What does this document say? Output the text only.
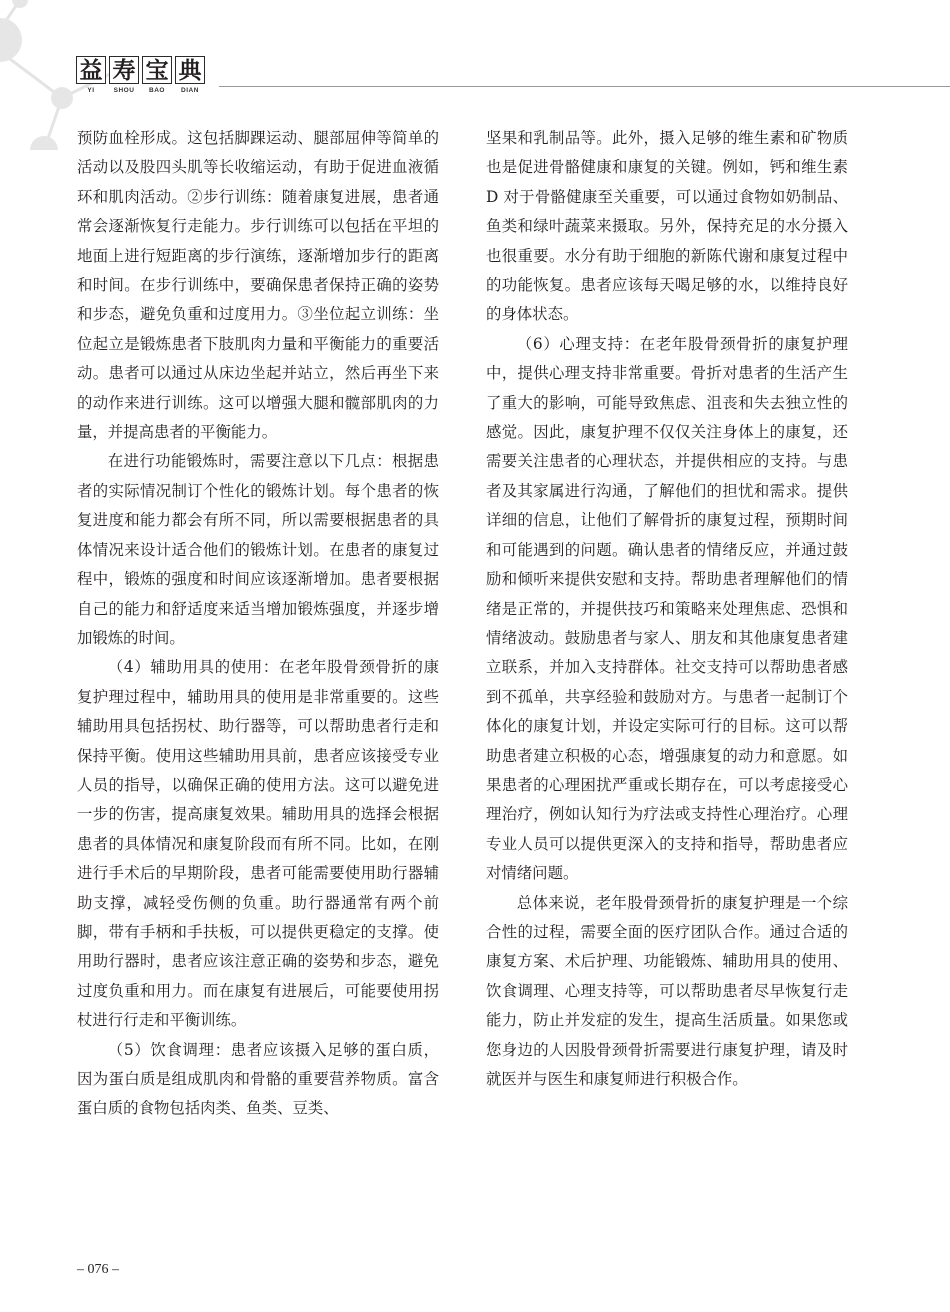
益 寿 宝 典
YI	SHOU	BAO	DIAN

预防血栓形成。这包括脚踝运动、腿部屈伸等简单的活动以及股四头肌等长收缩运动，有助于促进血液循环和肌肉活动。②步行训练：随着康复进展，患者通常会逐渐恢复行走能力。步行训练可以包括在平坦的地面上进行短距离的步行演练，逐渐增加步行的距离和时间。在步行训练中，要确保患者保持正确的姿势和步态，避免负重和过度用力。③坐位起立训练：坐位起立是锻炼患者下肢肌肉力量和平衡能力的重要活动。患者可以通过从床边坐起并站立，然后再坐下来的动作来进行训练。这可以增强大腿和髋部肌肉的力量，并提高患者的平衡能力。

在进行功能锻炼时，需要注意以下几点：根据患者的实际情况制订个性化的锻炼计划。每个患者的恢复进度和能力都会有所不同，所以需要根据患者的具体情况来设计适合他们的锻炼计划。在患者的康复过程中，锻炼的强度和时间应该逐渐增加。患者要根据自己的能力和舒适度来适当增加锻炼强度，并逐步增加锻炼的时间。

（4）辅助用具的使用：在老年股骨颈骨折的康复护理过程中，辅助用具的使用是非常重要的。这些辅助用具包括拐杖、助行器等，可以帮助患者行走和保持平衡。使用这些辅助用具前，患者应该接受专业人员的指导，以确保正确的使用方法。这可以避免进一步的伤害，提高康复效果。辅助用具的选择会根据患者的具体情况和康复阶段而有所不同。比如，在刚进行手术后的早期阶段，患者可能需要使用助行器辅助支撑，减轻受伤侧的负重。助行器通常有两个前脚，带有手柄和手扶板，可以提供更稳定的支撑。使用助行器时，患者应该注意正确的姿势和步态，避免过度负重和用力。而在康复有进展后，可能要使用拐杖进行行走和平衡训练。

（5）饮食调理：患者应该摄入足够的蛋白质，因为蛋白质是组成肌肉和骨骼的重要营养物质。富含蛋白质的食物包括肉类、鱼类、豆类、

坚果和乳制品等。此外，摄入足够的维生素和矿物质也是促进骨骼健康和康复的关键。例如，钙和维生素 D 对于骨骼健康至关重要，可以通过食物如奶制品、鱼类和绿叶蔬菜来摄取。另外，保持充足的水分摄入也很重要。水分有助于细胞的新陈代谢和康复过程中的功能恢复。患者应该每天喝足够的水，以维持良好的身体状态。

（6）心理支持：在老年股骨颈骨折的康复护理中，提供心理支持非常重要。骨折对患者的生活产生了重大的影响，可能导致焦虑、沮丧和失去独立性的感觉。因此，康复护理不仅仅关注身体上的康复，还需要关注患者的心理状态，并提供相应的支持。与患者及其家属进行沟通，了解他们的担忧和需求。提供详细的信息，让他们了解骨折的康复过程，预期时间和可能遇到的问题。确认患者的情绪反应，并通过鼓励和倾听来提供安慰和支持。帮助患者理解他们的情绪是正常的，并提供技巧和策略来处理焦虑、恐惧和情绪波动。鼓励患者与家人、朋友和其他康复患者建立联系，并加入支持群体。社交支持可以帮助患者感到不孤单，共享经验和鼓励对方。与患者一起制订个体化的康复计划，并设定实际可行的目标。这可以帮助患者建立积极的心态，增强康复的动力和意愿。如果患者的心理困扰严重或长期存在，可以考虑接受心理治疗，例如认知行为疗法或支持性心理治疗。心理专业人员可以提供更深入的支持和指导，帮助患者应对情绪问题。

总体来说，老年股骨颈骨折的康复护理是一个综合性的过程，需要全面的医疗团队合作。通过合适的康复方案、术后护理、功能锻炼、辅助用具的使用、饮食调理、心理支持等，可以帮助患者尽早恢复行走能力，防止并发症的发生，提高生活质量。如果您或您身边的人因股骨颈骨折需要进行康复护理，请及时就医并与医生和康复师进行积极合作。

– 076 –
